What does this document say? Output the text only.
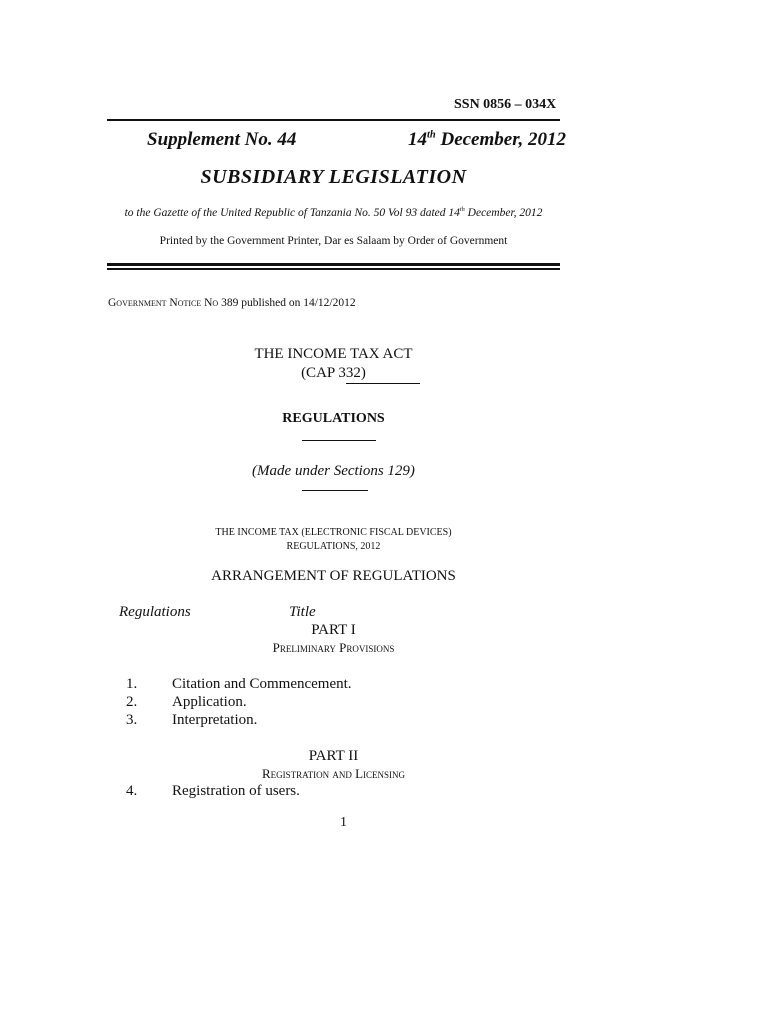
SSN 0856 – 034X
Supplement No. 44	14th December, 2012
SUBSIDIARY LEGISLATION
to the Gazette of the United Republic of Tanzania No. 50 Vol 93 dated 14th December, 2012
Printed by the Government Printer, Dar es Salaam by Order of Government
Government Notice No 389 published on 14/12/2012
THE INCOME TAX ACT
(CAP 332)
REGULATIONS
(Made under Sections 129)
THE INCOME TAX (ELECTRONIC FISCAL DEVICES)
REGULATIONS, 2012
ARRANGEMENT OF REGULATIONS
Regulations	Title
PART I
Preliminary Provisions
1.	Citation and Commencement.
2.	Application.
3.	Interpretation.
PART II
Registration and Licensing
4.	Registration of users.
1
